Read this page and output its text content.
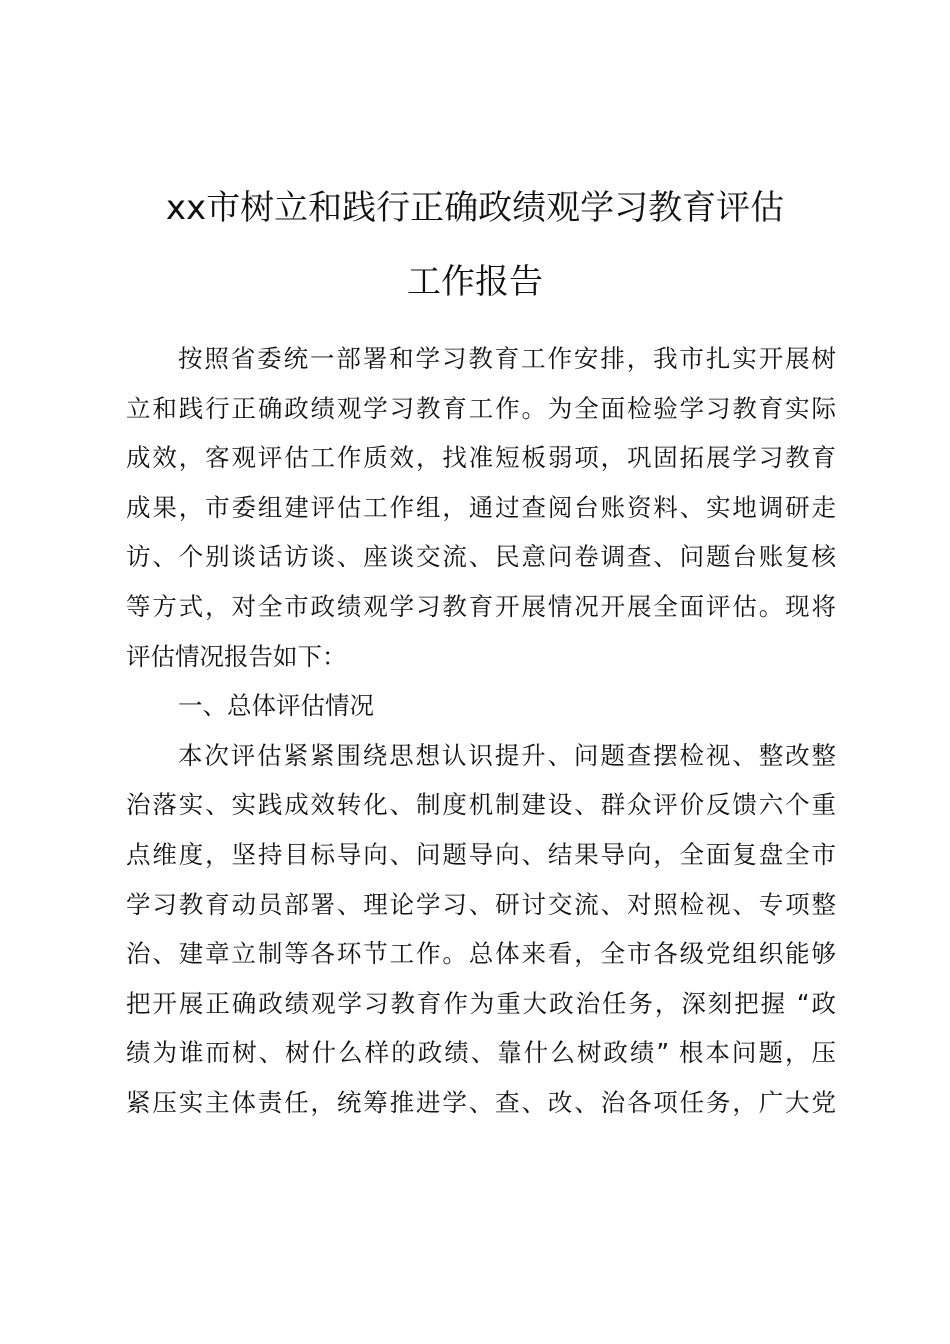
xx市树立和践行正确政绩观学习教育评估
工作报告

按照省委统一部署和学习教育工作安排，我市扎实开展树

立和践行正确政绩观学习教育工作。为全面检验学习教育实际

成效，客观评估工作质效，找准短板弱项，巩固拓展学习教育

成果，市委组建评估工作组，通过查阅台账资料、实地调研走

访、个别谈话访谈、座谈交流、民意问卷调查、问题台账复核

等方式，对全市政绩观学习教育开展情况开展全面评估。现将

评估情况报告如下：

一、总体评估情况

本次评估紧紧围绕思想认识提升、问题查摆检视、整改整

治落实、实践成效转化、制度机制建设、群众评价反馈六个重

点维度，坚持目标导向、问题导向、结果导向，全面复盘全市

学习教育动员部署、理论学习、研讨交流、对照检视、专项整

治、建章立制等各环节工作。总体来看，全市各级党组织能够

把开展正确政绩观学习教育作为重大政治任务，深刻把握 “政

绩为谁而树、树什么样的政绩、靠什么树政绩” 根本问题，压

紧压实主体责任，统筹推进学、查、改、治各项任务，广大党
